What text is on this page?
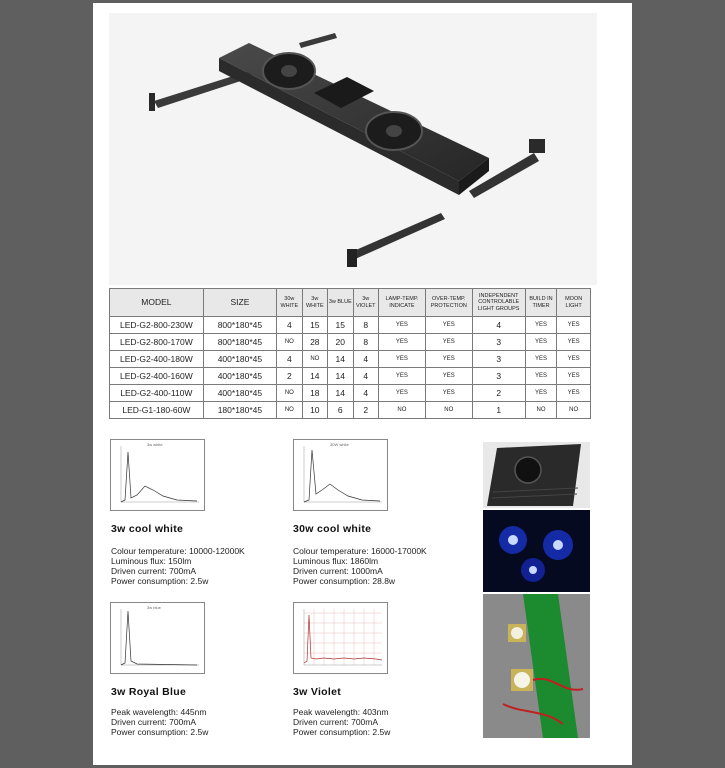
MODEL	SIZE	30w WHITE	3w WHITE	3w BLUE	3w VIOLET	LAMP-TEMP. INDICATE	OVER-TEMP. PROTECTION	INDEPENDENT CONTROLABLE LIGHT GROUPS	BUILD IN TIMER	MOON LIGHT
LED-G2-800-230W	800*180*45	4	15	15	8	YES	YES	4	YES	YES
LED-G2-800-170W	800*180*45	NO	28	20	8	YES	YES	3	YES	YES
LED-G2-400-180W	400*180*45	4	NO	14	4	YES	YES	3	YES	YES
LED-G2-400-160W	400*180*45	2	14	14	4	YES	YES	3	YES	YES
LED-G2-400-110W	400*180*45	NO	18	14	4	YES	YES	2	YES	YES
LED-G1-180-60W	180*180*45	NO	10	6	2	NO	NO	1	NO	NO
3w white
3w cool white
Colour temperature: 10000-12000K
Luminous flux: 150lm
Driven current: 700mA
Power consumption: 2.5w
30W white
30w cool white
Colour temperature: 16000-17000K
Luminous flux: 1860lm
Driven current: 1000mA
Power consumption: 28.8w
3w blue
3w Royal Blue
Peak wavelength: 445nm
Driven current: 700mA
Power consumption: 2.5w
3w Violet
Peak wavelength: 403nm
Driven current: 700mA
Power consumption: 2.5w
